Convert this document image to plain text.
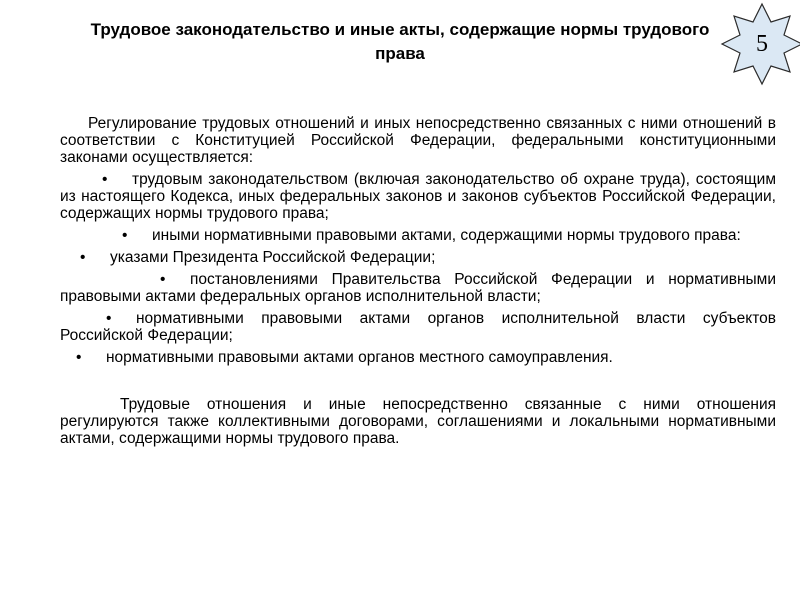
Трудовое законодательство и иные акты, содержащие нормы трудового права	5

Регулирование трудовых отношений и иных непосредственно связанных с ними отношений в соответствии с Конституцией Российской Федерации, федеральными конституционными законами осуществляется:

• трудовым законодательством (включая законодательство об охране труда), состоящим из настоящего Кодекса, иных федеральных законов и законов субъектов Российской Федерации, содержащих нормы трудового права;
• иными нормативными правовыми актами, содержащими нормы трудового права:
• указами Президента Российской Федерации;
• постановлениями Правительства Российской Федерации и нормативными правовыми актами федеральных органов исполнительной власти;
• нормативными правовыми актами органов исполнительной власти субъектов Российской Федерации;
• нормативными правовыми актами органов местного самоуправления.

Трудовые отношения и иные непосредственно связанные с ними отношения регулируются также коллективными договорами, соглашениями и локальными нормативными актами, содержащими нормы трудового права.
